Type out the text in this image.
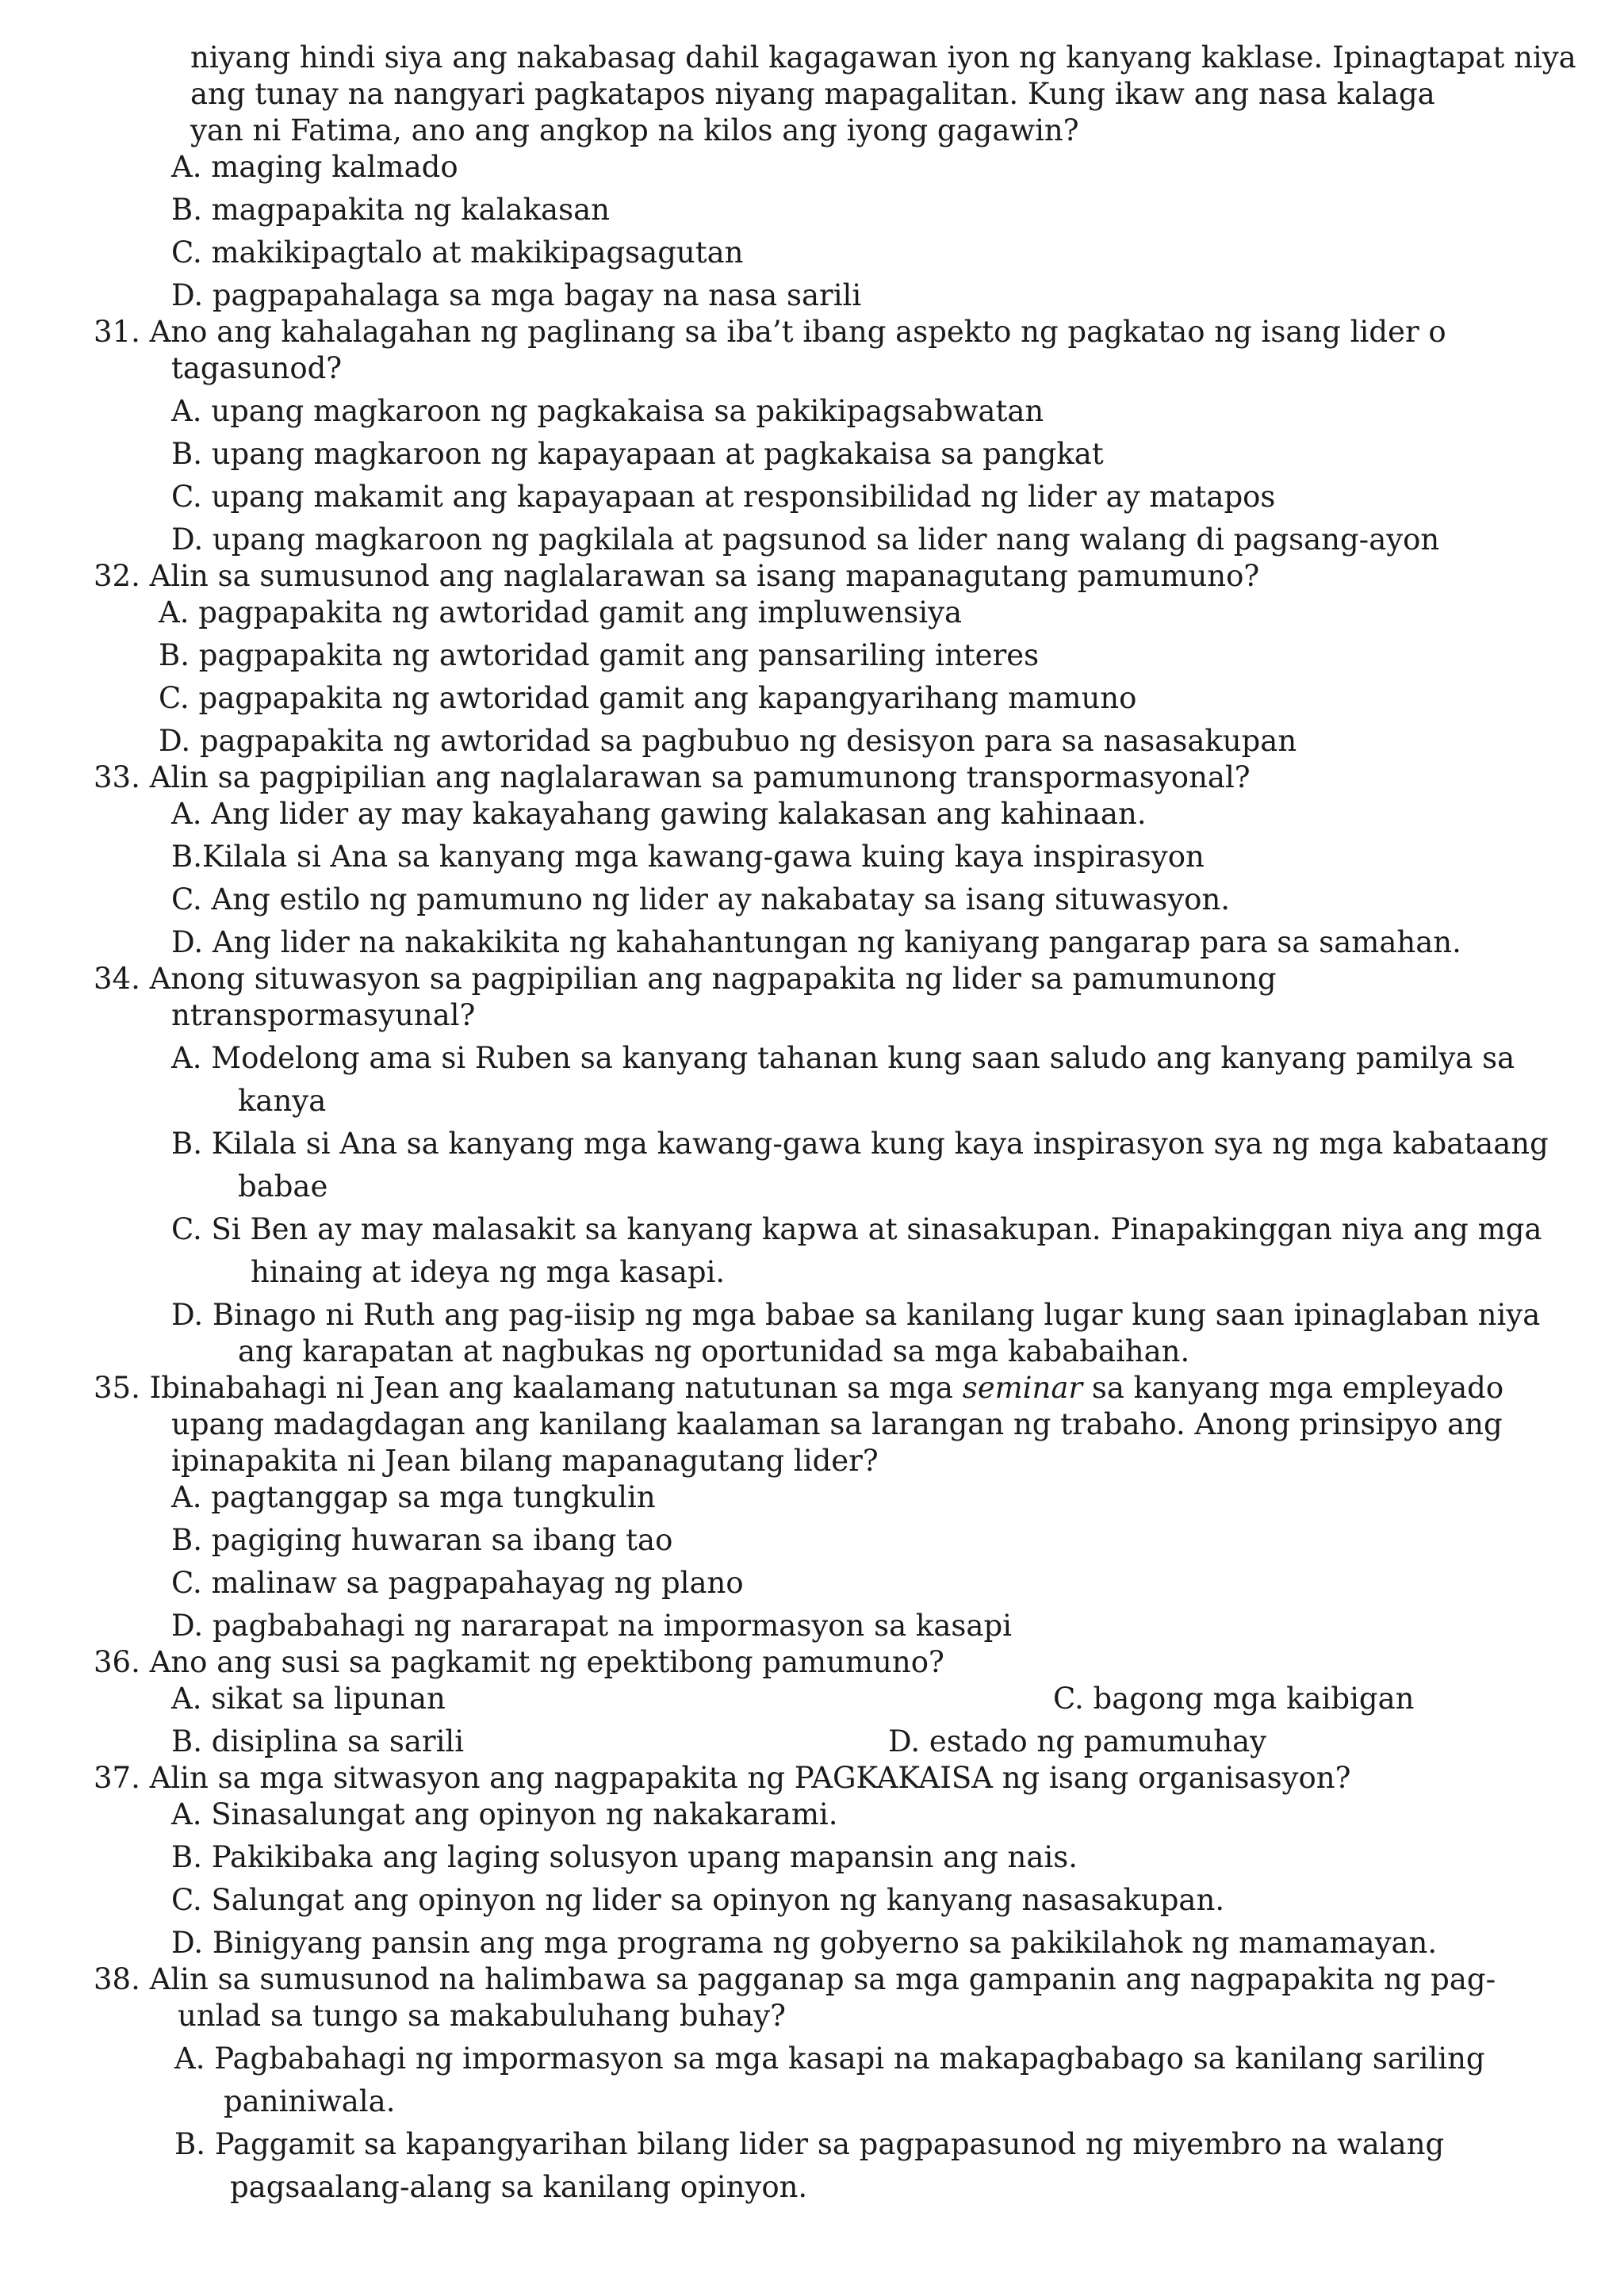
niyang hindi siya ang nakabasag dahil kagagawan iyon ng kanyang kaklase. Ipinagtapat niya
ang tunay na nangyari pagkatapos niyang mapagalitan. Kung ikaw ang nasa kalaga
yan ni Fatima, ano ang angkop na kilos ang iyong gagawin?
A. maging kalmado
B. magpapakita ng kalakasan
C. makikipagtalo at makikipagsagutan
D. pagpapahalaga sa mga bagay na nasa sarili
31. Ano ang kahalagahan ng paglinang sa iba’t ibang aspekto ng pagkatao ng isang lider o
tagasunod?
A. upang magkaroon ng pagkakaisa sa pakikipagsabwatan
B. upang magkaroon ng kapayapaan at pagkakaisa sa pangkat
C. upang makamit ang kapayapaan at responsibilidad ng lider ay matapos
D. upang magkaroon ng pagkilala at pagsunod sa lider nang walang di pagsang-ayon
32. Alin sa sumusunod ang naglalarawan sa isang mapanagutang pamumuno?
A. pagpapakita ng awtoridad gamit ang impluwensiya
B. pagpapakita ng awtoridad gamit ang pansariling interes
C. pagpapakita ng awtoridad gamit ang kapangyarihang mamuno
D. pagpapakita ng awtoridad sa pagbubuo ng desisyon para sa nasasakupan
33. Alin sa pagpipilian ang naglalarawan sa pamumunong transpormasyonal?
A. Ang lider ay may kakayahang gawing kalakasan ang kahinaan.
B.Kilala si Ana sa kanyang mga kawang-gawa kuing kaya inspirasyon
C. Ang estilo ng pamumuno ng lider ay nakabatay sa isang situwasyon.
D. Ang lider na nakakikita ng kahahantungan ng kaniyang pangarap para sa samahan.
34. Anong situwasyon sa pagpipilian ang nagpapakita ng lider sa pamumunong
ntranspormasyunal?
A. Modelong ama si Ruben sa kanyang tahanan kung saan saludo ang kanyang pamilya sa
kanya
B. Kilala si Ana sa kanyang mga kawang-gawa kung kaya inspirasyon sya ng mga kabataang
babae
C. Si Ben ay may malasakit sa kanyang kapwa at sinasakupan. Pinapakinggan niya ang mga
hinaing at ideya ng mga kasapi.
D. Binago ni Ruth ang pag-iisip ng mga babae sa kanilang lugar kung saan ipinaglaban niya
ang karapatan at nagbukas ng oportunidad sa mga kababaihan.
35. Ibinabahagi ni Jean ang kaalamang natutunan sa mga seminar sa kanyang mga empleyado
upang madagdagan ang kanilang kaalaman sa larangan ng trabaho. Anong prinsipyo ang
ipinapakita ni Jean bilang mapanagutang lider?
A. pagtanggap sa mga tungkulin
B. pagiging huwaran sa ibang tao
C. malinaw sa pagpapahayag ng plano
D. pagbabahagi ng nararapat na impormasyon sa kasapi
36. Ano ang susi sa pagkamit ng epektibong pamumuno?
A. sikat sa lipunan	C. bagong mga kaibigan
B. disiplina sa sarili	D. estado ng pamumuhay
37. Alin sa mga sitwasyon ang nagpapakita ng PAGKAKAISA ng isang organisasyon?
A. Sinasalungat ang opinyon ng nakakarami.
B. Pakikibaka ang laging solusyon upang mapansin ang nais.
C. Salungat ang opinyon ng lider sa opinyon ng kanyang nasasakupan.
D. Binigyang pansin ang mga programa ng gobyerno sa pakikilahok ng mamamayan.
38. Alin sa sumusunod na halimbawa sa pagganap sa mga gampanin ang nagpapakita ng pag-
unlad sa tungo sa makabuluhang buhay?
A. Pagbabahagi ng impormasyon sa mga kasapi na makapagbabago sa kanilang sariling
paniniwala.
B. Paggamit sa kapangyarihan bilang lider sa pagpapasunod ng miyembro na walang
pagsaalang-alang sa kanilang opinyon.
